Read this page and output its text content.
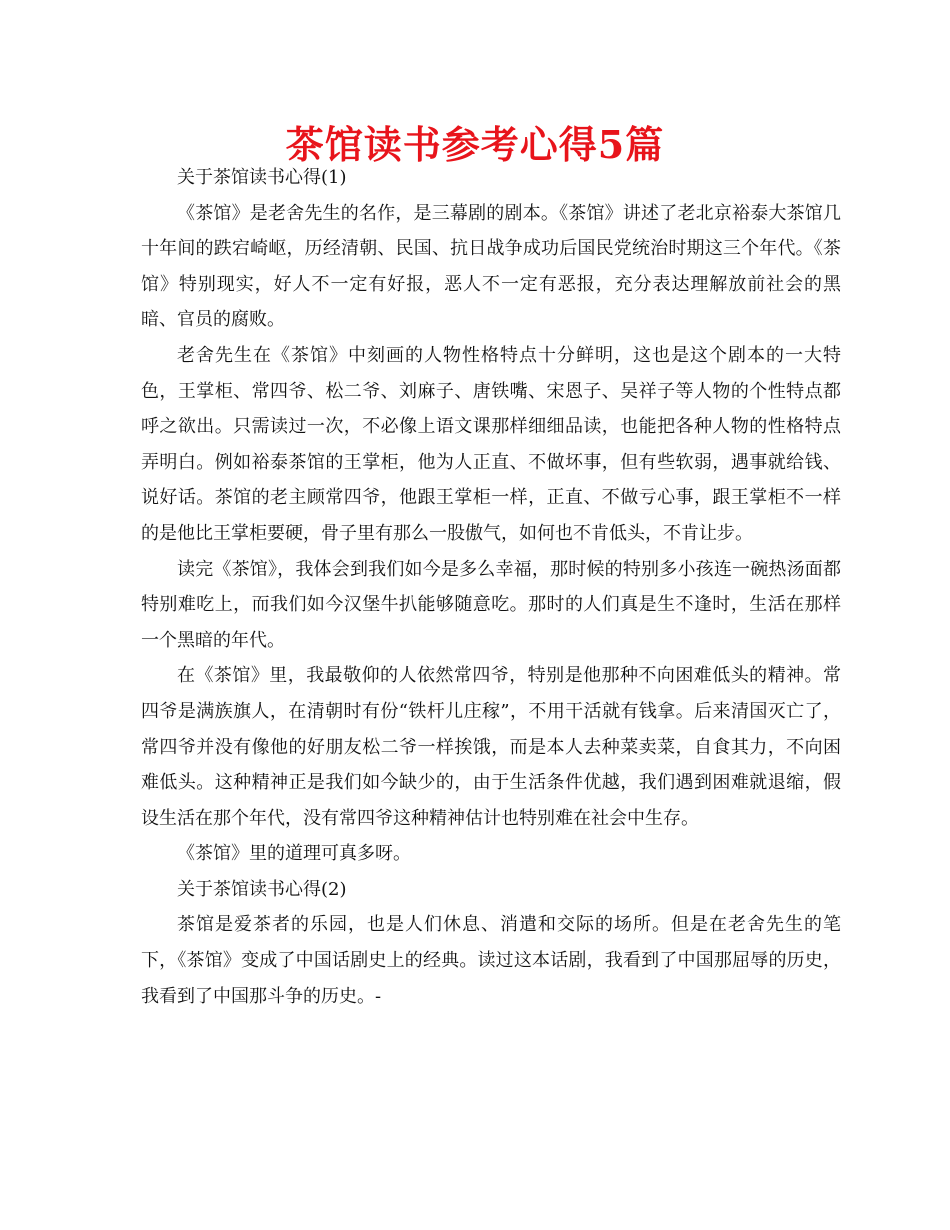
茶馆读书参考心得5篇

关于茶馆读书心得(1)

《茶馆》是老舍先生的名作，是三幕剧的剧本。《茶馆》讲述了老北京裕泰大茶馆几十年间的跌宕崎岖，历经清朝、民国、抗日战争成功后国民党统治时期这三个年代。《茶馆》特别现实，好人不一定有好报，恶人不一定有恶报，充分表达理解放前社会的黑暗、官员的腐败。

老舍先生在《茶馆》中刻画的人物性格特点十分鲜明，这也是这个剧本的一大特色，王掌柜、常四爷、松二爷、刘麻子、唐铁嘴、宋恩子、吴祥子等人物的个性特点都呼之欲出。只需读过一次，不必像上语文课那样细细品读，也能把各种人物的性格特点弄明白。例如裕泰茶馆的王掌柜，他为人正直、不做坏事，但有些软弱，遇事就给钱、说好话。茶馆的老主顾常四爷，他跟王掌柜一样，正直、不做亏心事，跟王掌柜不一样的是他比王掌柜要硬，骨子里有那么一股傲气，如何也不肯低头，不肯让步。

读完《茶馆》，我体会到我们如今是多么幸福，那时候的特别多小孩连一碗热汤面都特别难吃上，而我们如今汉堡牛扒能够随意吃。那时的人们真是生不逢时，生活在那样一个黑暗的年代。

在《茶馆》里，我最敬仰的人依然常四爷，特别是他那种不向困难低头的精神。常四爷是满族旗人，在清朝时有份“铁杆儿庄稼”，不用干活就有钱拿。后来清国灭亡了，常四爷并没有像他的好朋友松二爷一样挨饿，而是本人去种菜卖菜，自食其力，不向困难低头。这种精神正是我们如今缺少的，由于生活条件优越，我们遇到困难就退缩，假设生活在那个年代，没有常四爷这种精神估计也特别难在社会中生存。

《茶馆》里的道理可真多呀。

关于茶馆读书心得(2)

茶馆是爱茶者的乐园，也是人们休息、消遣和交际的场所。但是在老舍先生的笔下，《茶馆》变成了中国话剧史上的经典。读过这本话剧，我看到了中国那屈辱的历史，我看到了中国那斗争的历史。-
